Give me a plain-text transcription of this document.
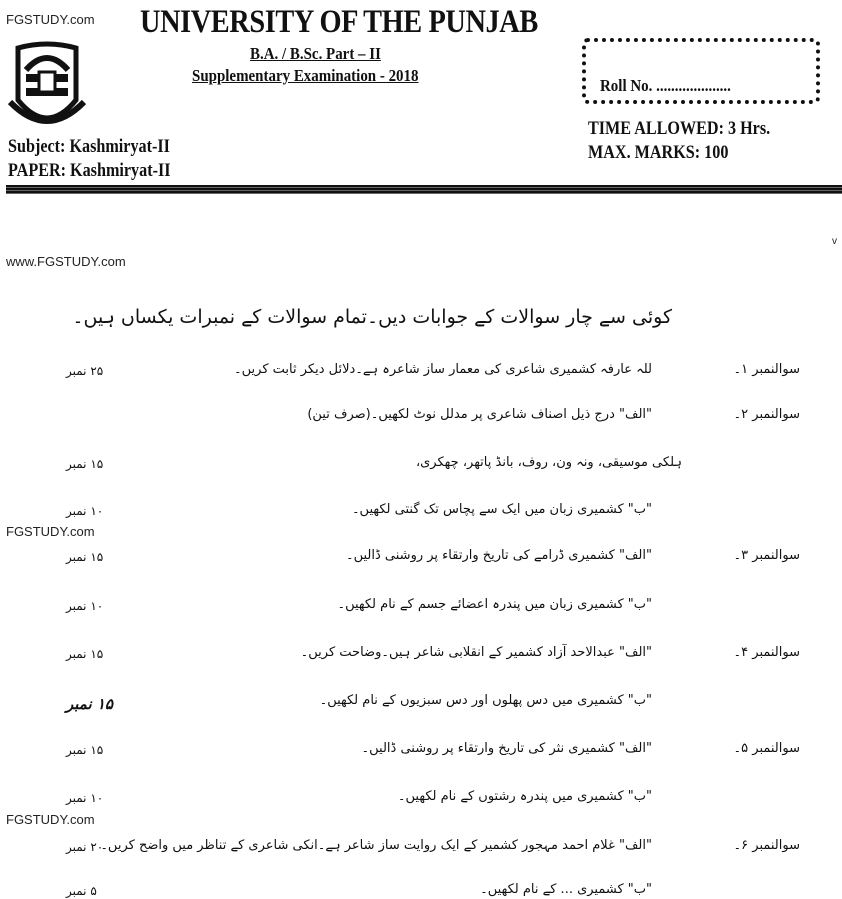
FGSTUDY.com UNIVERSITY OF THE PUNJAB
B.A. / B.Sc. Part – II
Supplementary Examination - 2018
Roll No. ....................
TIME ALLOWED: 3 Hrs.
MAX. MARKS: 100
Subject: Kashmiryat-II
PAPER: Kashmiryat-II
v
www.FGSTUDY.com
کوئی سے چار سوالات کے جوابات دیں۔تمام سوالات کے نمبرات یکساں ہیں۔
FGSTUDY.com
FGSTUDY.com
سوالنمبر ۱۔
للہ عارفہ کشمیری شاعری کی معمار ساز شاعرہ ہے۔دلائل دیکر ثابت کریں۔
۲۵ نمبر
سوالنمبر ۲۔
"الف" درج ذیل اصناف شاعری پر مدلل نوٹ لکھیں۔(صرف تین)
ہلکی موسیقی، ونہ ون، روف، بانڈ پاتھر، چھکری،
۱۵ نمبر
"ب" کشمیری زبان میں ایک سے پچاس تک گنتی لکھیں۔
۱۰ نمبر
سوالنمبر ۳۔
"الف" کشمیری ڈرامے کی تاریخ وارتقاء پر روشنی ڈالیں۔
۱۵ نمبر
"ب" کشمیری زبان میں پندرہ اعضائے جسم کے نام لکھیں۔
۱۰ نمبر
سوالنمبر ۴۔
"الف" عبدالاحد آزاد کشمیر کے انقلابی شاعر ہیں۔وضاحت کریں۔
۱۵ نمبر
"ب" کشمیری میں دس پھلوں اور دس سبزیوں کے نام لکھیں۔
۱۵ نمبر
سوالنمبر ۵۔
"الف" کشمیری نثر کی تاریخ وارتقاء پر روشنی ڈالیں۔
۱۵ نمبر
"ب" کشمیری میں پندرہ رشتوں کے نام لکھیں۔
۱۰ نمبر
سوالنمبر ۶۔
"الف" غلام احمد مہجور کشمیر کے ایک روایت ساز شاعر ہے۔انکی شاعری کے تناظر میں واضح کریں۔
۲۰ نمبر
"ب" کشمیری ... کے نام لکھیں۔
۵ نمبر
